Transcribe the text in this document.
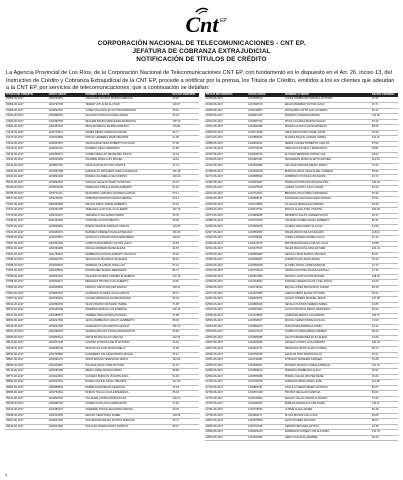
Cnt EP
CORPORACIÓN NACIONAL DE TELECOMUNICACIONES - CNT EP.
JEFATURA DE COBRANZA EXTRAJUDICIAL
NOTIFICACIÓN DE TÍTULOS DE CRÉDITO
La Agencia Provincial de Los Ríos, de la Corporación Nacional de Telecomunicaciones CNT EP, con fundamento en lo dispuesto en el Art. 26, inciso 13, del Instructivo de Crédito y Cobranza Extrajudicial de la CNT EP, procede a notificar por la prensa, los Títulos de Crédito, emitidos a los ex clientes que adeudan a la CNT EP, por servicios de telecomunicaciones, que a continuación se detallan:
TITULO DE CREDITO	CEDULA/RUC	NOMBRE CLIENTE	SALDO VENCIDO
09954-06-2017	1202726257	GREGORIO GUSTIN MORAN ARRIAGA	23.62
09956-06-2017	1202726708	TENERY AITI ALBA ALCIVAR	129.97
01059-06-2017	1200622331	LOPEZ VALLADOLID VICTOR FERNANDO	28.16
01603-06-2017	1200995001	SALCEDO MOSCIA RAFAEL ANGEL	22.03
01609-06-2017	1201998755	SEGURE BANDA MERCEDES MARIANITA	125.73
01261-06-2017	1204357202	PEÑA MARISCAL MARINA MARIETA	176.86
01273-06-2017	1202710574	NUÑEZ DENIS CAMACHO DALINE	36.77
01275-06-2017	1202624805	PINCAY HERRERA MARIA BEATRIZ	21.95
01314-06-2017	1203027997	VANCHARGE VERA ROBERTO NICOLAS	37.96
01413-06-2017	1202902161	ROMERO CIELO SEFERINO	21.86
01419-06-2017	1201859274	GOMEZ ARELLAN MELBA DEL ROCIO	23.61
02314-06-2017	1202915395	AGUIRRE MORA LUIS MIGUEL	19.91
02314-06-2017	1100502748	CRUZ GARCIA VICTOR VICENTE	47.44
02326-06-2017	1201837498	GARANILLO TRIGUERO DIEGO GUDELIAS	151.28
02320-06-2017	1200504190	RIVERA CALAMELLA SECUNDINO	148.23
05123-06-2017	1202892325	VARGAS VALLEJO TELBY SANTIAGO	90.76
05199-06-2017	1200972005	PARRALES TOMALA MARIA ROBERTA	51.54
06755-06-2017	1205721112	MUDARRAY GRIFFES VALDRES GARCIA	673.4
06877-06-2017	1204255161	ZUMPTER MONTANO NELDA MEDINA	63.14
07004-06-2017	0909462583	MACIAS ARIAS JORGE ROBERTO	24.19
07131-06-2017	1201564155	VERGARA GUAYQUIL GUILLERMO	197.10
07176-06-2017	1204224207	JARAMILLO VILLACRES MARIO	33.75
07189-06-2017	0901462562	CORONEL ACOSTA BENITO	93.63
07293-06-2017	1202845891	BUENO GENZOR FERNAN CARLOS	124.53
07424-06-2017	1202960271	RAMIREZ JIMENEZ DIANA ESTEFANIA	151.09
07465-06-2017	1201975551	QUIROGA CUTRARA ROSA MERCEDES	103.97
07487-06-2017	1202097181	CAMPOS BAQUERIZO VICTOR HUGO	23.53
07510-06-2017	1204391085	ZAVALA MOREIRA MARIA ELENA	44.57
07531-06-2017	1201756931	ZAMBRANO ACOSTA ALBERTO PACIFICO	45.46
07545-06-2017	1202604751	SEGOVIA ELIZALDE PILAR ELENA	96.31
07598-06-2017	1203016537	MOREIRA VILLAMAR JOSE LUIS	37.41
07605-06-2017	1201978564	RODRIGUEZ RIVERA MERCEDES	86.77
07708-06-2017	1202534181	VALENCIA RIVERA CARMEN ELIZABETH	127.15
07788-06-2017	1202819071	MENDOZA TRIVIÑO LUIS ALBERTO	43.52
07834-06-2017	1202609564	FRANCO NIETO WALTER RAMON	203.61
07901-06-2017	1202953164	ALVARADO SUAREZ JUAN CARLOS	58.17
07957-06-2017	1202735201	CHAVEZ MENDOZA GLORIA ESTHER	93.40
08012-06-2017	1201893245	VELIZ OROZCO ROSARIO ISABEL	71.95
08074-06-2017	1203162298	PAREDES MORAN LUIS ENRIQUE	130.32
08127-06-2017	1202485572	TORRES VERA MONICA PATRICIA	47.86
08183-06-2017	1202017460	LEON ZAMBRANO CARLOS HUMBERTO	88.29
08239-06-2017	1203024789	SANCHEZ PLUAS MARTHA CECILIA	165.73
08301-06-2017	1201659423	CEDEÑO MACIAS JORGE WASHINGTON	39.58
08365-06-2017	1202893021	ORTIZ BAJAÑA ELSA NARCISA	112.04
08412-06-2017	1202647135	CASTRO INTRIAGO FELIX ANTONIO	26.91
08478-06-2017	1203085246	MUÑOZ HOLGUIN ROSA AMELIA	74.38
08533-06-2017	1201708862	GUERRERO SALAZAR PEDRO MIGUEL	55.12
08597-06-2017	1202936174	ARIAS MOLINA TERESA DE JESUS	143.66
08652-06-2017	1202419887	PIGUAVE CRUZ JOSE ANTONIO	31.47
08719-06-2017	1202781055	MERA LOPEZ ANGELA MARIA	98.85
08774-06-2017	1201912463	CAICEDO BURGOS VICENTE RAUL	61.20
08836-06-2017	1203047318	RIVERA QUIJIJE NANCY BEATRIZ	137.92
08891-06-2017	1202558840	BARRETO ESPINOZA FRANKLIN	42.63
08955-06-2017	1202764391	MORAN TOALA LUCIA ESPERANZA	85.04
09012-06-2017	1201806725	VILLAMAR CHOEZ RAMON ELIAS	119.47
09078-06-2017	1202995136	GOMEZ ALAVA JULIA MARGARITA	27.84
09134-06-2017	1202380472	ANDRADE PONCE SEGUNDO MANUEL	69.36
09189-06-2017	1203121659	MACIAS VERA DORA ISABEL	104.58
09251-06-2017	1201847330	SOLORZANO REYES FAUSTO ENRIQUE	53.71
09313-06-2017	1202671984	HOLGUIN MORAN EDITH PATRICIA	88.12
TITULO DE CREDITO	CEDULA/RUC	NOMBRE CLIENTE	SALDO VENCIDO
01978-06-2017	1201785912	LOPEZ ZAMBRANO MANUEL ANTONIO	27.35
01993-06-2017	1201698740	ERAZO BERMEO VICTOR HUGO	34.71
02005-06-2017	1202143557	MOSQUERA ORTIZ LUIS ALFREDO	96.12
02018-06-2017	1200821457	PAZMIÑO SOLEDAD MIRIAM	122.60
02032-06-2017	1202587793	RIVAS GALARZA MARTHA ELENA	53.18
02047-06-2017	1201990358	MARCILLO ROCA JOSE ERNESTO	88.25
02059-06-2017	1202771046	CRUZ MANTUANO ANGEL DAVID	24.90
02073-06-2017	1201856692	SUAREZ BAQUE LORENA ISABEL	141.37
02088-06-2017	1202462013	PEREZ CHAVEZ ROBERTO CARLOS	67.54
02101-06-2017	1201732195	VERA SALTOS NELLY MARGARITA	39.81
02115-06-2017	1202938724	ALCIVAR MENDOZA JORGE LUIS	18.62
02129-06-2017	1201687351	NAVARRETE MORA GLADYS ESTHER	112.09
02144-06-2017	1202510386	SALAZAR ZAMORA PEDRO PABLO	76.44
02158-06-2017	1201944720	BURGOS ARIAS CECILIA DEL CARMEN	58.90
02172-06-2017	1202689543	ZAMBRANO PONCE LUIS FELIPE	29.73
02187-06-2017	1201823067	MORALES INTRIAGO ROSA ELVIRA	134.25
02201-06-2017	1202375418	QUIMIS CASTRO JULIO CESAR	81.66
02216-06-2017	1201761924	BRIONES VACA MARIA FERNANDA	45.39
02230-06-2017	1202898131	GONZALEZ LEON SEGUNDO RAMON	97.02
02245-06-2017	1201715869	VILLEGAS MERA ELSA MARINA	63.28
02259-06-2017	1202447702	PINCAY ALAVA JOSE VICENTE	150.83
02274-06-2017	1201869035	MENDIETA SALAS CARMEN ROCIO	22.47
02288-06-2017	1202731546	CAICEDO GOMEZ ANGEL ROBERTO	86.31
02303-06-2017	1201902578	OLVERA VERA MARTHA LUCIA	41.95
02317-06-2017	1202559360	PALMA ROJAS WILSON EFRAIN	118.64
02332-06-2017	1201788491	TOMALA RIVERA NORMA ALICIA	57.19
02346-06-2017	1202416275	ESPINOZA BAJAÑA CARLOS JULIO	33.88
02361-06-2017	1201647910	VELEZ MACIAS GLORIA ESTHER	102.41
02375-06-2017	1202955083	HIDALGO RUIZ MARCO ANTONIO	69.57
02390-06-2017	1201830627	CHOEZ PLUAS ROSA MARIA	25.16
02404-06-2017	1202684299	FLORES NAVAS JAIME ENRIQUE	91.73
02419-06-2017	1201753142	ORTEGA MONTES BLANCA ESTELA	47.30
02433-06-2017	1202517986	MACIAS LOOR VICTOR MANUEL	128.92
02448-06-2017	1201918354	ZAMORA CEDEÑO NANCY DEL ROCIO	54.06
02462-06-2017	1202743610	BAQUE LOPEZ FRANCISCO JAVIER	83.49
02477-06-2017	1201672089	GARCIA MERO ELENA VICTORIA	36.21
02491-06-2017	1202406751	AVILES TORRES MANUEL JESUS	147.68
02506-06-2017	1201895426	CEVALLOS RIVAS TERESA ISABEL	61.85
02520-06-2017	1202872903	LUCAS SANTANA DIEGO FERNANDO	28.54
02535-06-2017	1201729560	QUIÑONEZ BRAVO LUZ MARINA	109.37
02549-06-2017	1202594817	MOLINA YEPEZ OSWALDO RAUL	72.90
02564-06-2017	1201856370	ANCHUNDIA PARRAGA SONIA	43.12
02578-06-2017	1202727145	TUMBACO VERA FABIAN ANDRES	95.66
02593-06-2017	1201683958	SALTOS BERMUDEZ ROSA ELENA	31.09
02607-06-2017	1202493026	VALDEZ CASTRO LUIS ALBERTO	136.44
02622-06-2017	1201910774	MERCHAN ORTIZ GLADYS MARIA	58.73
02636-06-2017	1202756339	AGUILAR PINO RAMON ELIAS	87.21
02651-06-2017	1201742681	INTRIAGO MOREIRA CARMEN	40.68
02665-06-2017	1202630547	ROSADO FRANCO JORGE ENRIQUE	121.15
02680-06-2017	1201868213	MIRANDA ZAMBRANO ALICIA	66.92
02694-06-2017	1202509468	PONCE CHILAN WALTER RENE	29.40
02709-06-2017	1201795035	SORNOZA ARIAS MARIA JOSE	113.58
02723-06-2017	1202883791	CASTILLO MERA PEDRO ANTONIO	52.27
02738-06-2017	1201657429	TRIVIÑO DELGADO MARTHA	84.63
02752-06-2017	1202441862	MACIAS VILLAO CESAR AUGUSTO	37.95
02767-06-2017	1201934506	ROBLES NARANJO FLOR MARIA	142.11
02781-06-2017	1202718334	CUSME ALAVA JAVIER	59.48
02796-06-2017	1201803177	PLUAS MUÑOZ ANA LUCIA	26.83
02810-06-2017	1202575960	LEON SUAREZ RICARDO	98.02
02825-06-2017	1201710648	CEDEÑO BRIONES LETICIA	44.35
02839-06-2017	1202926413	ZAMBRANO GOMEZ LUIS ALFONSO	131.76
02854-06-2017	1201841099	VERA PICO ELSA MARIBEL	68.19
1
